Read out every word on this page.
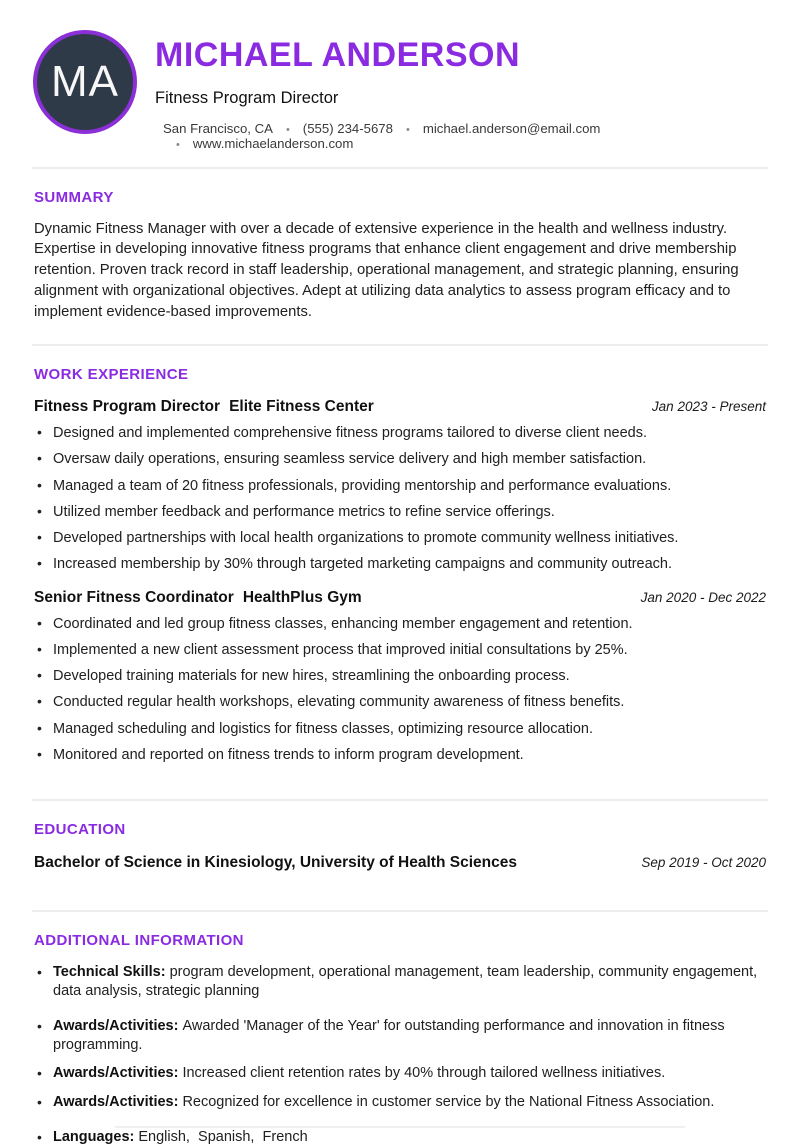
MA
MICHAEL ANDERSON
Fitness Program Director
San Francisco, CA	• (555) 234-5678	• michael.anderson@email.com
• www.michaelanderson.com
SUMMARY

Dynamic Fitness Manager with over a decade of extensive experience in the health and wellness industry. Expertise in developing innovative fitness programs that enhance client engagement and drive membership retention. Proven track record in staff leadership, operational management, and strategic planning, ensuring alignment with organizational objectives. Adept at utilizing data analytics to assess program efficacy and to implement evidence-based improvements.

WORK EXPERIENCE
Fitness Program Director Elite Fitness Center	Jan 2023 - Present
• Designed and implemented comprehensive fitness programs tailored to diverse client needs.
• Oversaw daily operations, ensuring seamless service delivery and high member satisfaction.
• Managed a team of 20 fitness professionals, providing mentorship and performance evaluations.
• Utilized member feedback and performance metrics to refine service offerings.
• Developed partnerships with local health organizations to promote community wellness initiatives.
• Increased membership by 30% through targeted marketing campaigns and community outreach.
Senior Fitness Coordinator HealthPlus Gym	Jan 2020 - Dec 2022
• Coordinated and led group fitness classes, enhancing member engagement and retention.
• Implemented a new client assessment process that improved initial consultations by 25%.
• Developed training materials for new hires, streamlining the onboarding process.
• Conducted regular health workshops, elevating community awareness of fitness benefits.
• Managed scheduling and logistics for fitness classes, optimizing resource allocation.
• Monitored and reported on fitness trends to inform program development.
EDUCATION
Bachelor of Science in Kinesiology, University of Health Sciences	Sep 2019 - Oct 2020
ADDITIONAL INFORMATION
• Technical Skills: program development, operational management, team leadership, community engagement, data analysis, strategic planning
• Awards/Activities: Awarded 'Manager of the Year' for outstanding performance and innovation in fitness programming.
• Awards/Activities: Increased client retention rates by 40% through tailored wellness initiatives.
• Awards/Activities: Recognized for excellence in customer service by the National Fitness Association.
• Languages: English,  Spanish,  French
